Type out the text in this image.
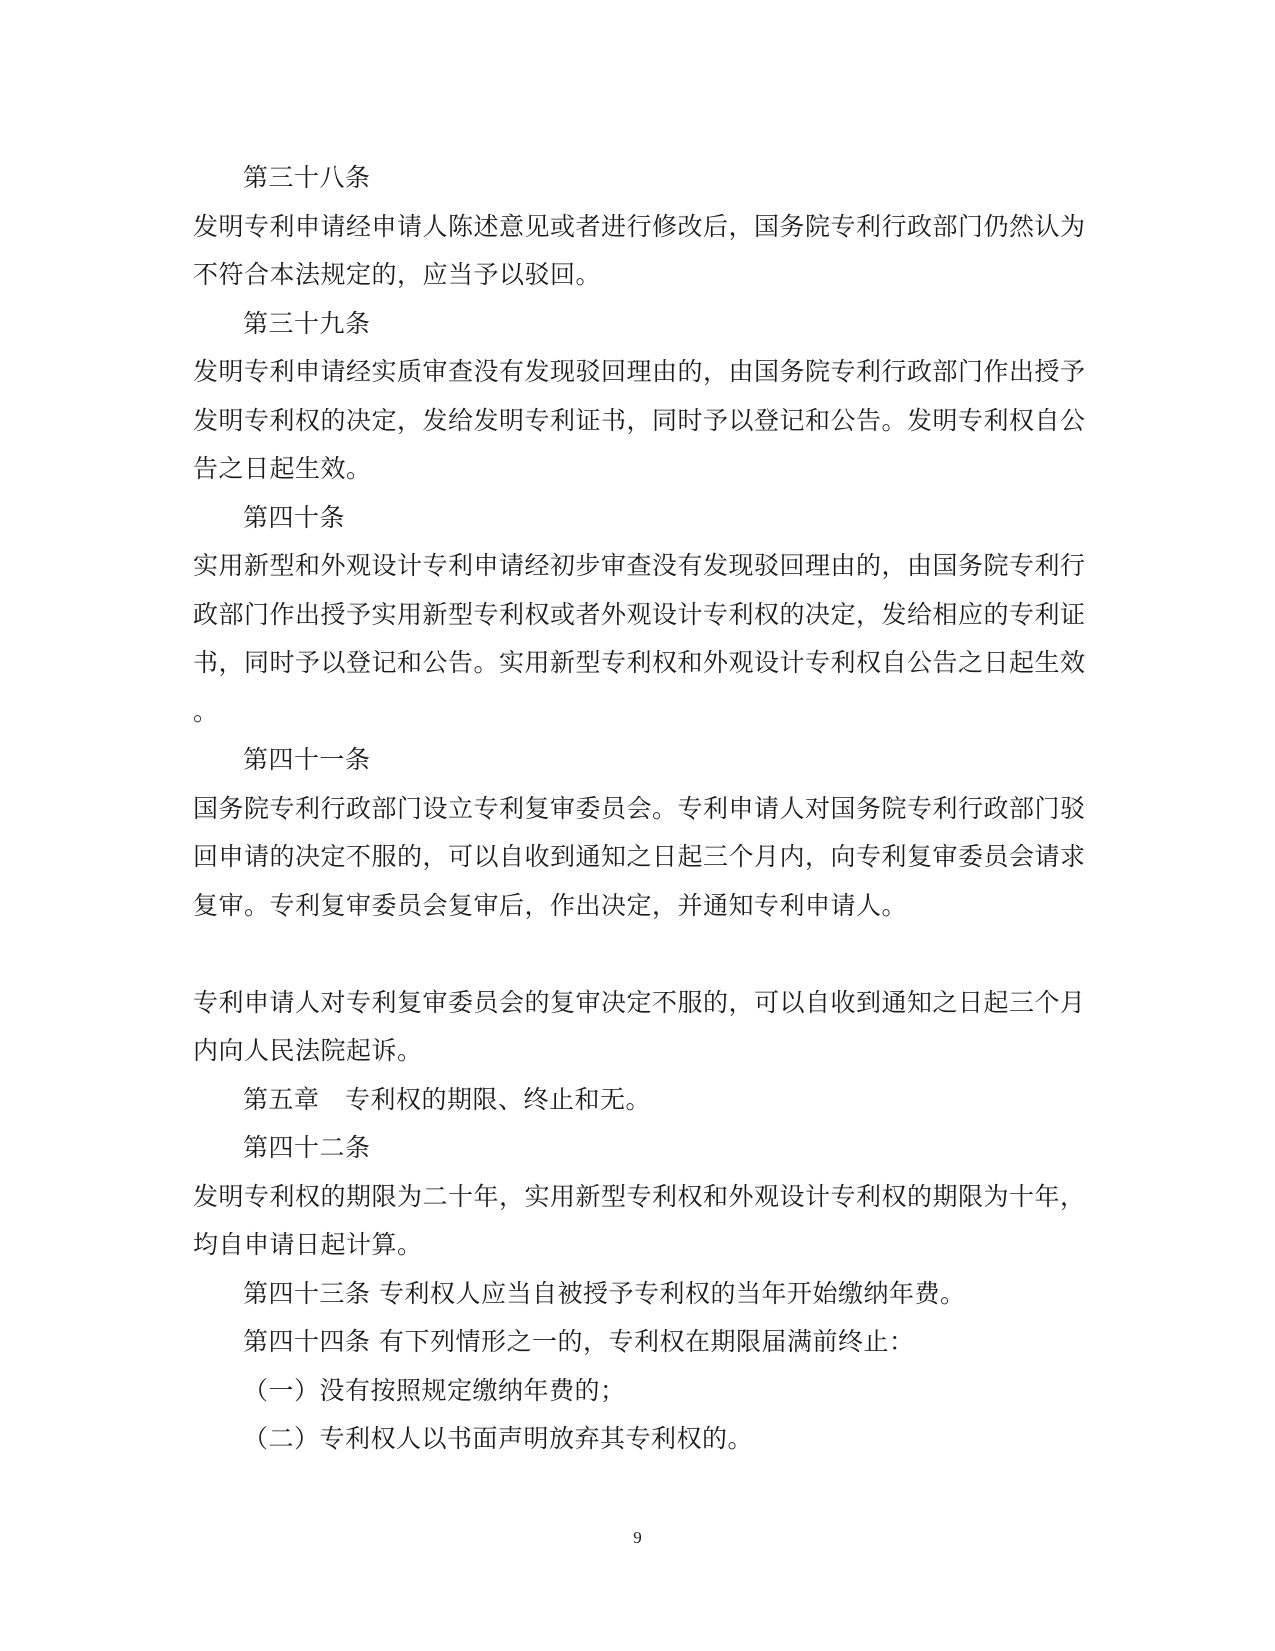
第三十八条
发明专利申请经申请人陈述意见或者进行修改后，国务院专利行政部门仍然认为
不符合本法规定的，应当予以驳回。
第三十九条
发明专利申请经实质审查没有发现驳回理由的，由国务院专利行政部门作出授予
发明专利权的决定，发给发明专利证书，同时予以登记和公告。发明专利权自公
告之日起生效。
第四十条
实用新型和外观设计专利申请经初步审查没有发现驳回理由的，由国务院专利行
政部门作出授予实用新型专利权或者外观设计专利权的决定，发给相应的专利证
书，同时予以登记和公告。实用新型专利权和外观设计专利权自公告之日起生效
。
第四十一条
国务院专利行政部门设立专利复审委员会。专利申请人对国务院专利行政部门驳
回申请的决定不服的，可以自收到通知之日起三个月内，向专利复审委员会请求
复审。专利复审委员会复审后，作出决定，并通知专利申请人。
专利申请人对专利复审委员会的复审决定不服的，可以自收到通知之日起三个月
内向人民法院起诉。
第五章　专利权的期限、终止和无。
第四十二条
发明专利权的期限为二十年，实用新型专利权和外观设计专利权的期限为十年，
均自申请日起计算。
第四十三条 专利权人应当自被授予专利权的当年开始缴纳年费。
第四十四条 有下列情形之一的，专利权在期限届满前终止：
（一）没有按照规定缴纳年费的；
（二）专利权人以书面声明放弃其专利权的。
9
